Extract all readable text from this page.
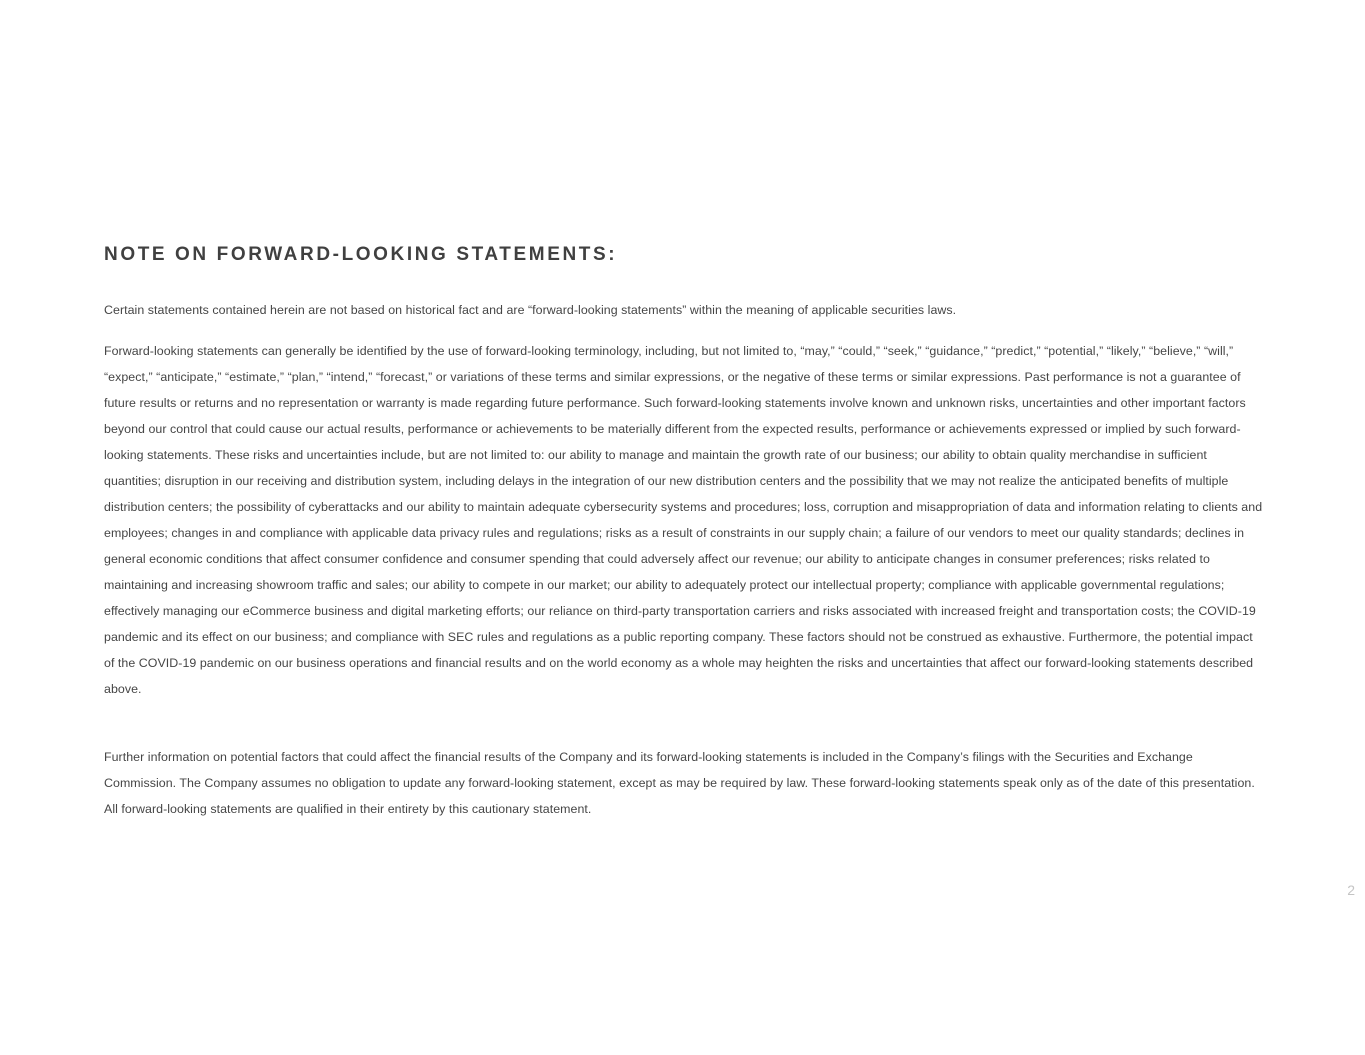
NOTE ON FORWARD-LOOKING STATEMENTS:

Certain statements contained herein are not based on historical fact and are “forward-looking statements” within the meaning of applicable securities laws.

Forward-looking statements can generally be identified by the use of forward-looking terminology, including, but not limited to, “may,” “could,” “seek,” “guidance,” “predict,” “potential,” “likely,” “believe,” “will,” “expect,” “anticipate,” “estimate,” “plan,” “intend,” “forecast,” or variations of these terms and similar expressions, or the negative of these terms or similar expressions. Past performance is not a guarantee of future results or returns and no representation or warranty is made regarding future performance. Such forward-looking statements involve known and unknown risks, uncertainties and other important factors beyond our control that could cause our actual results, performance or achievements to be materially different from the expected results, performance or achievements expressed or implied by such forward-looking statements. These risks and uncertainties include, but are not limited to: our ability to manage and maintain the growth rate of our business; our ability to obtain quality merchandise in sufficient quantities; disruption in our receiving and distribution system, including delays in the integration of our new distribution centers and the possibility that we may not realize the anticipated benefits of multiple distribution centers; the possibility of cyberattacks and our ability to maintain adequate cybersecurity systems and procedures; loss, corruption and misappropriation of data and information relating to clients and employees; changes in and compliance with applicable data privacy rules and regulations; risks as a result of constraints in our supply chain; a failure of our vendors to meet our quality standards; declines in general economic conditions that affect consumer confidence and consumer spending that could adversely affect our revenue; our ability to anticipate changes in consumer preferences; risks related to maintaining and increasing showroom traffic and sales; our ability to compete in our market; our ability to adequately protect our intellectual property; compliance with applicable governmental regulations; effectively managing our eCommerce business and digital marketing efforts; our reliance on third-party transportation carriers and risks associated with increased freight and transportation costs; the COVID-19 pandemic and its effect on our business; and compliance with SEC rules and regulations as a public reporting company. These factors should not be construed as exhaustive. Furthermore, the potential impact of the COVID-19 pandemic on our business operations and financial results and on the world economy as a whole may heighten the risks and uncertainties that affect our forward-looking statements described above.

Further information on potential factors that could affect the financial results of the Company and its forward-looking statements is included in the Company’s filings with the Securities and Exchange Commission. The Company assumes no obligation to update any forward-looking statement, except as may be required by law. These forward-looking statements speak only as of the date of this presentation. All forward-looking statements are qualified in their entirety by this cautionary statement.

2
